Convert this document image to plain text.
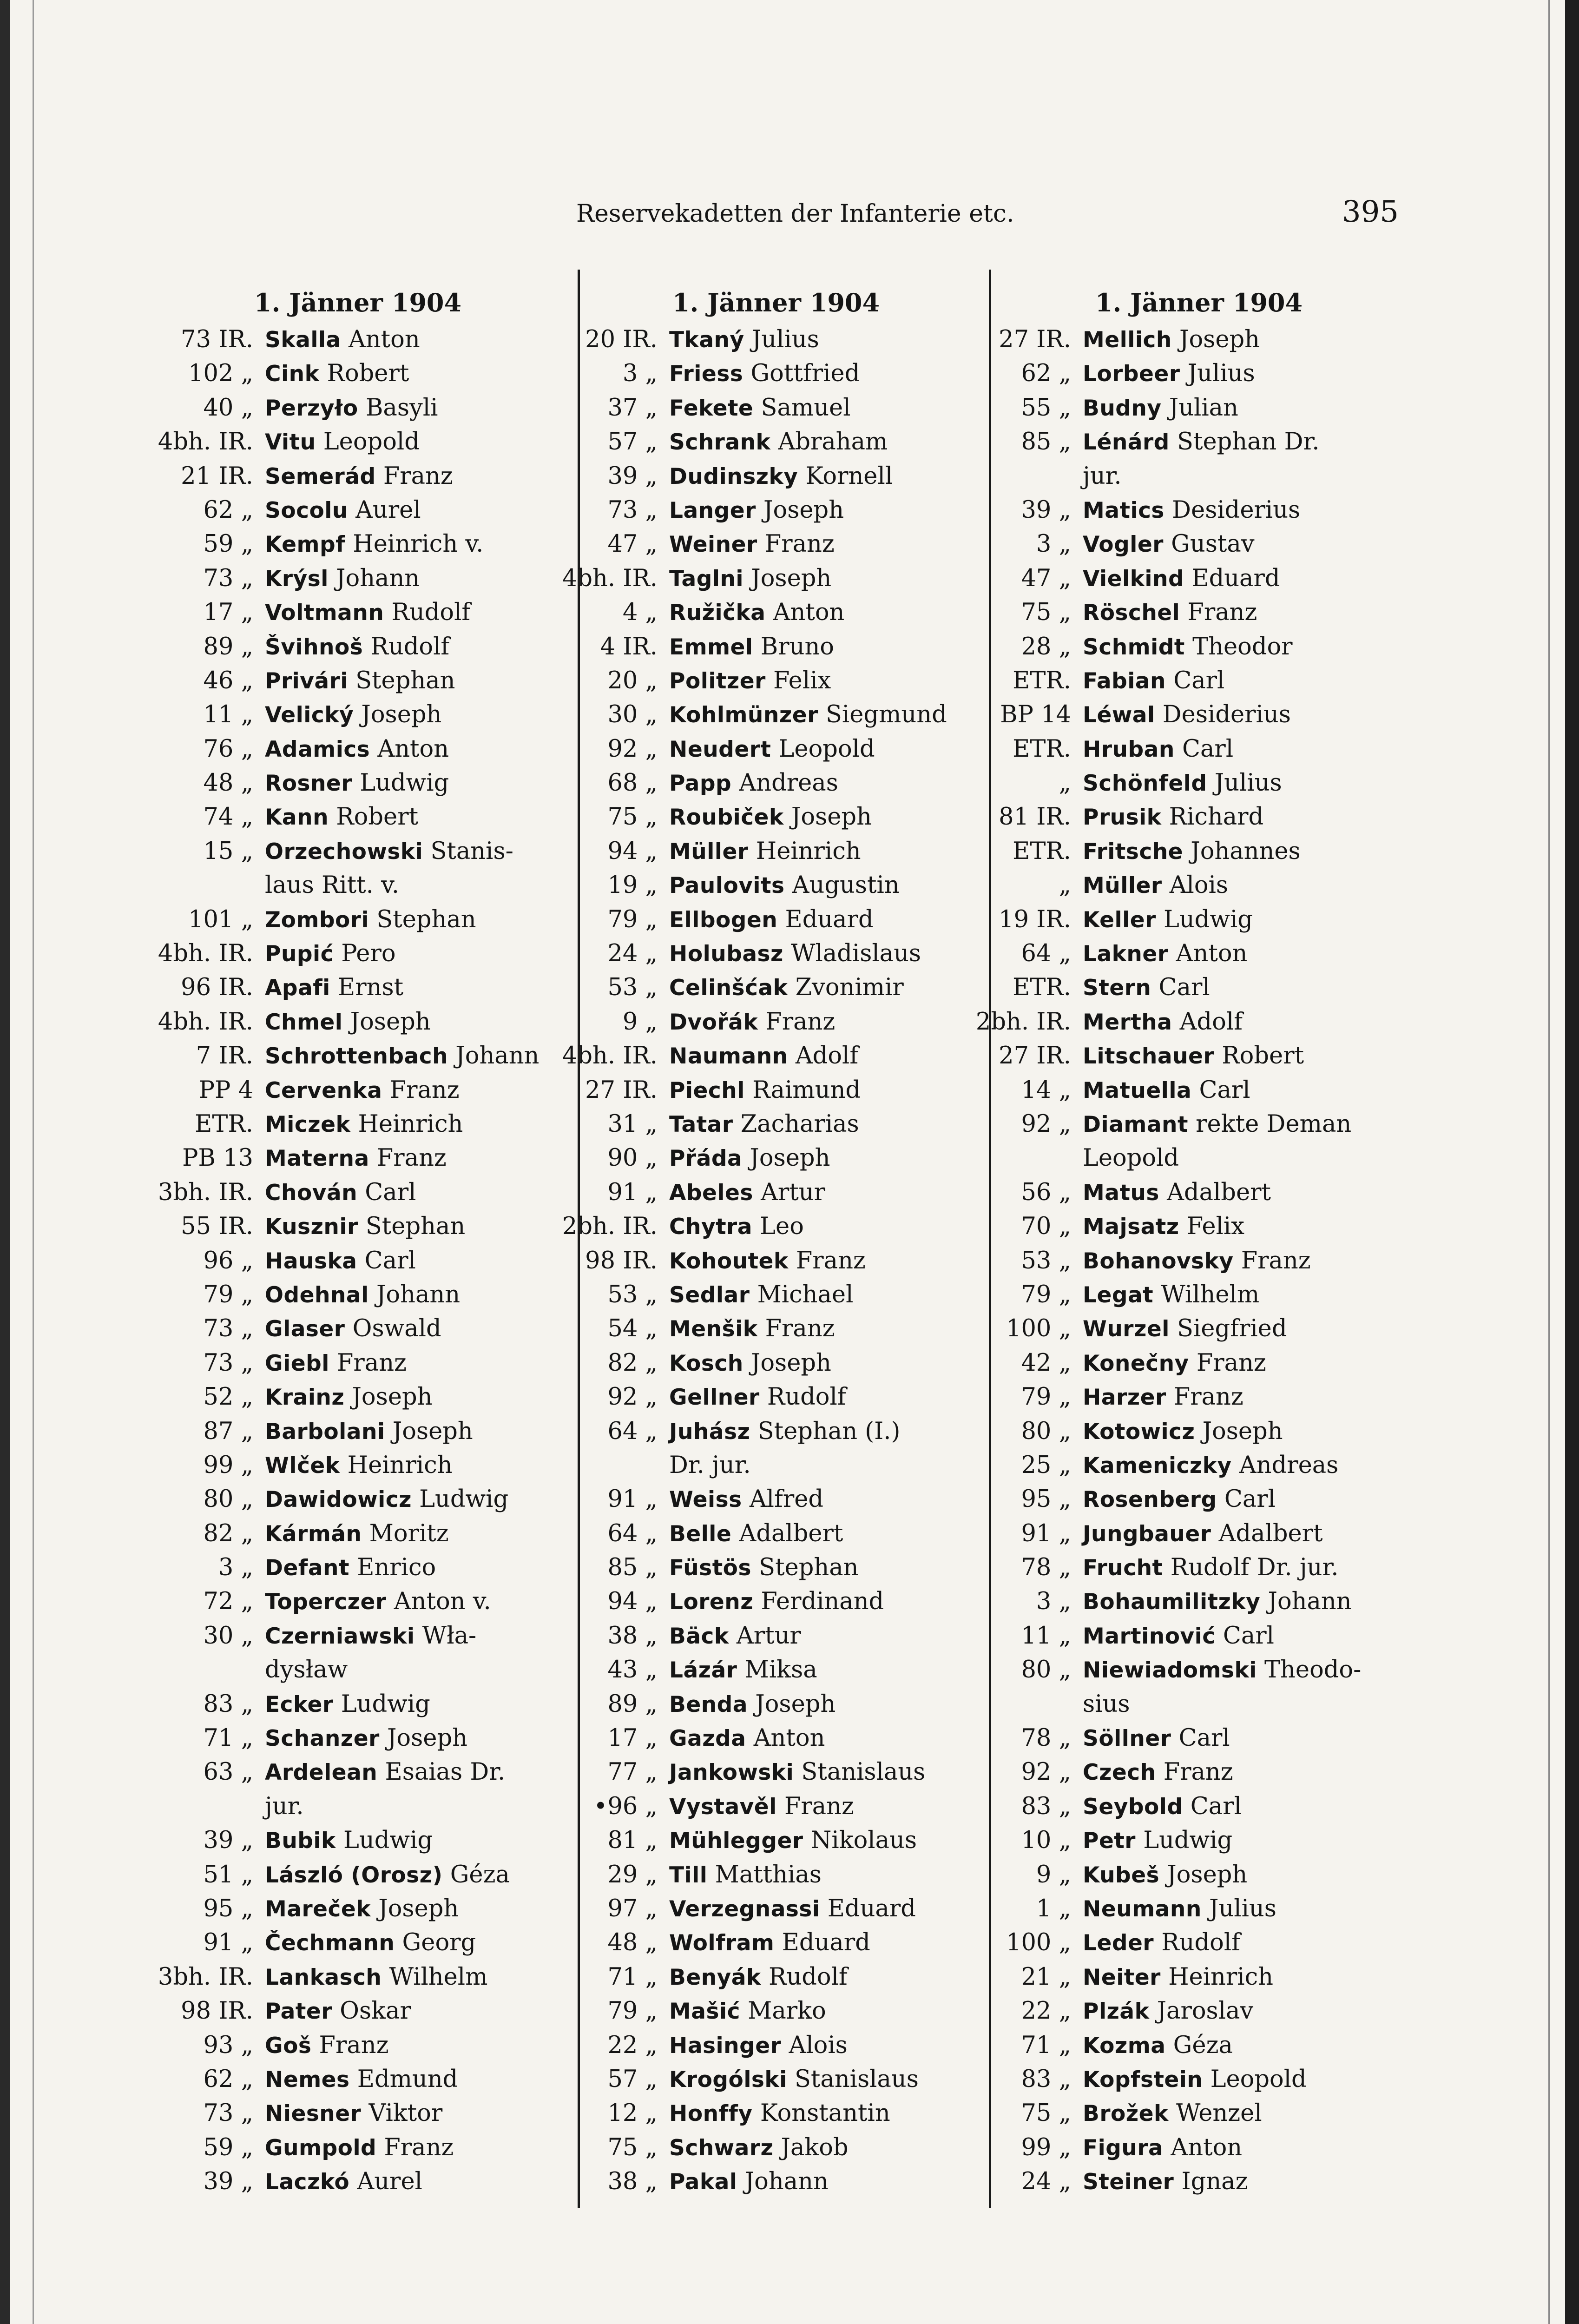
Reservekadetten der Infanterie etc.	395
1. Jänner 1904
73 IR. Skalla Anton
102 „ Cink Robert
40 „ Perzyło Basyli
4bh. IR. Vitu Leopold
21 IR. Semerád Franz
62 „ Socolu Aurel
59 „ Kempf Heinrich v.
73 „ Krýsl Johann
17 „ Voltmann Rudolf
89 „ Švihnoš Rudolf
46 „ Privári Stephan
11 „ Velický Joseph
76 „ Adamics Anton
48 „ Rosner Ludwig
74 „ Kann Robert
15 „ Orzechowski Stanis-
laus Ritt. v.
101 „ Zombori Stephan
4bh. IR. Pupić Pero
96 IR. Apafi Ernst
4bh. IR. Chmel Joseph
7 IR. Schrottenbach Johann
PP 4 Cervenka Franz
ETR. Miczek Heinrich
PB 13 Materna Franz
3bh. IR. Chován Carl
55 IR. Kusznir Stephan
96 „ Hauska Carl
79 „ Odehnal Johann
73 „ Glaser Oswald
73 „ Giebl Franz
52 „ Krainz Joseph
87 „ Barbolani Joseph
99 „ Wlček Heinrich
80 „ Dawidowicz Ludwig
82 „ Kármán Moritz
3 „ Defant Enrico
72 „ Toperczer Anton v.
30 „ Czerniawski Wła-
dysław
83 „ Ecker Ludwig
71 „ Schanzer Joseph
63 „ Ardelean Esaias Dr.
jur.
39 „ Bubik Ludwig
51 „ László (Orosz) Géza
95 „ Mareček Joseph
91 „ Čechmann Georg
3bh. IR. Lankasch Wilhelm
98 IR. Pater Oskar
93 „ Goš Franz
62 „ Nemes Edmund
73 „ Niesner Viktor
59 „ Gumpold Franz
39 „ Laczkó Aurel
1. Jänner 1904
20 IR. Tkaný Julius
3 „ Friess Gottfried
37 „ Fekete Samuel
57 „ Schrank Abraham
39 „ Dudinszky Kornell
73 „ Langer Joseph
47 „ Weiner Franz
4bh. IR. Taglni Joseph
4 „ Ružička Anton
4 IR. Emmel Bruno
20 „ Politzer Felix
30 „ Kohlmünzer Siegmund
92 „ Neudert Leopold
68 „ Papp Andreas
75 „ Roubiček Joseph
94 „ Müller Heinrich
19 „ Paulovits Augustin
79 „ Ellbogen Eduard
24 „ Holubasz Wladislaus
53 „ Celinšćak Zvonimir
9 „ Dvořák Franz
4bh. IR. Naumann Adolf
27 IR. Piechl Raimund
31 „ Tatar Zacharias
90 „ Přáda Joseph
91 „ Abeles Artur
2bh. IR. Chytra Leo
98 IR. Kohoutek Franz
53 „ Sedlar Michael
54 „ Menšik Franz
82 „ Kosch Joseph
92 „ Gellner Rudolf
64 „ Juhász Stephan (I.)
Dr. jur.
91 „ Weiss Alfred
64 „ Belle Adalbert
85 „ Füstös Stephan
94 „ Lorenz Ferdinand
38 „ Bäck Artur
43 „ Lázár Miksa
89 „ Benda Joseph
17 „ Gazda Anton
77 „ Jankowski Stanislaus
•96 „ Vystavěl Franz
81 „ Mühlegger Nikolaus
29 „ Till Matthias
97 „ Verzegnassi Eduard
48 „ Wolfram Eduard
71 „ Benyák Rudolf
79 „ Mašić Marko
22 „ Hasinger Alois
57 „ Krogólski Stanislaus
12 „ Honffy Konstantin
75 „ Schwarz Jakob
38 „ Pakal Johann
1. Jänner 1904
27 IR. Mellich Joseph
62 „ Lorbeer Julius
55 „ Budny Julian
85 „ Lénárd Stephan Dr.
jur.
39 „ Matics Desiderius
3 „ Vogler Gustav
47 „ Vielkind Eduard
75 „ Röschel Franz
28 „ Schmidt Theodor
ETR. Fabian Carl
BP 14 Léwal Desiderius
ETR. Hruban Carl
„ Schönfeld Julius
81 IR. Prusik Richard
ETR. Fritsche Johannes
„ Müller Alois
19 IR. Keller Ludwig
64 „ Lakner Anton
ETR. Stern Carl
2bh. IR. Mertha Adolf
27 IR. Litschauer Robert
14 „ Matuella Carl
92 „ Diamant rekte Deman
Leopold
56 „ Matus Adalbert
70 „ Majsatz Felix
53 „ Bohanovsky Franz
79 „ Legat Wilhelm
100 „ Wurzel Siegfried
42 „ Konečny Franz
79 „ Harzer Franz
80 „ Kotowicz Joseph
25 „ Kameniczky Andreas
95 „ Rosenberg Carl
91 „ Jungbauer Adalbert
78 „ Frucht Rudolf Dr. jur.
3 „ Bohaumilitzky Johann
11 „ Martinović Carl
80 „ Niewiadomski Theodo-
sius
78 „ Söllner Carl
92 „ Czech Franz
83 „ Seybold Carl
10 „ Petr Ludwig
9 „ Kubeš Joseph
1 „ Neumann Julius
100 „ Leder Rudolf
21 „ Neiter Heinrich
22 „ Plzák Jaroslav
71 „ Kozma Géza
83 „ Kopfstein Leopold
75 „ Brožek Wenzel
99 „ Figura Anton
24 „ Steiner Ignaz
